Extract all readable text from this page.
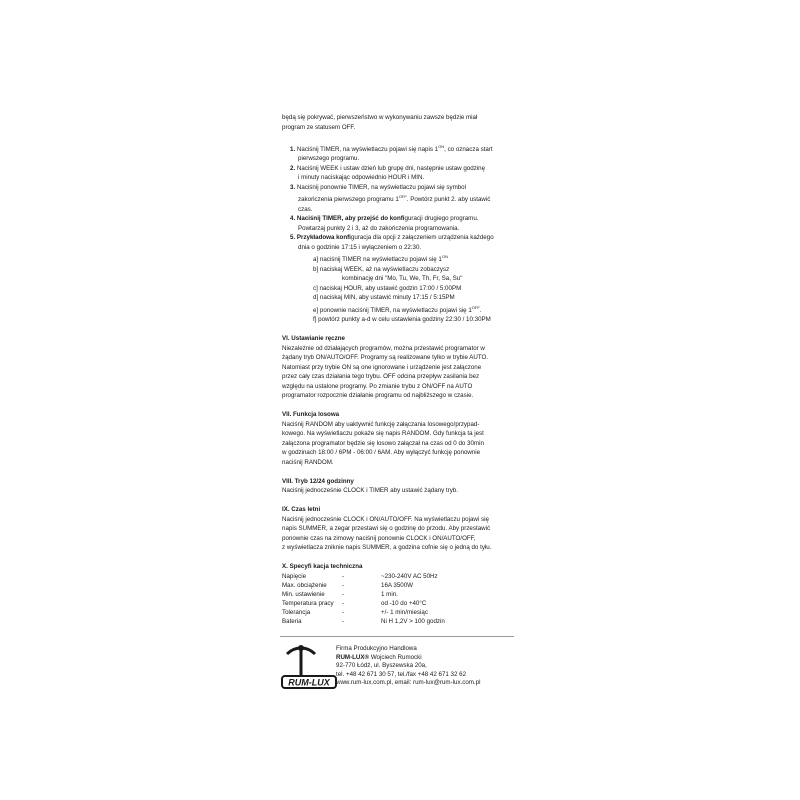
będą się pokrywać, pierwszeństwo w wykonywaniu zawsze będzie miał

program ze statusem OFF.

1. Naciśnij TIMER, na wyświetlaczu pojawi się napis $1^{ON}$, co oznacza start

pierwszego programu.

2. Naciśnij WEEK i ustaw dzień lub grupę dni, następnie ustaw godzinę

i minuty naciskając odpowiednio HOUR i MIN.

3. Naciśnij ponownie TIMER, na wyświetlaczu pojawi się symbol

zakończenia pierwszego programu $1^{OFF}$. Powtórz punkt 2. aby ustawić

czas.

4. Naciśnij TIMER, aby przejść do konfiguracji drugiego programu.

Powtarzaj punkty 2 i 3, aż do zakończenia programowania.

5. Przykładowa konfiguracja dla opcji z załączeniem urządzenia każdego

dnia o godzinie 17:15 i wyłączeniem o 22:30.

a] naciśnij TIMER na wyświetlaczu pojawi się $1^{ON}$

b] naciskaj WEEK, aż na wyświetlaczu zobaczysz

kombinację dni "Mo, Tu, We, Th, Fr, Sa, Su"

c] naciskaj HOUR, aby ustawić godzin 17:00 / 5:00PM

d] naciskaj MIN, aby ustawić minuty 17:15 / 5:15PM

e] ponownie naciśnij TIMER, na wyświetlaczu pojawi się $1^{OFF}$.

f] powtórz punkty a-d w celu ustawienia godziny 22:30 / 10:30PM

VI. Ustawianie ręczne

Niezależnie od działających programów, można przestawić programator w

żądany tryb ON/AUTO/OFF. Programy są realizowane tylko w trybie AUTO.

Natomiast przy trybie ON są one ignorowane i urządzenie jest załączone

przez cały czas działania tego trybu. OFF odcina przepływ zasilania bez

względu na ustalone programy. Po zmianie trybu z ON/OFF na AUTO

programator rozpocznie działanie programu od najbliższego w czasie.

VII. Funkcja losowa

Naciśnij RANDOM aby uaktywnić funkcję załączania losowego/przypad-

kowego. Na wyświetlaczu pokaże się napis RANDOM. Gdy funkcja ta jest

załączona programator będzie się losowo załączał na czas od 0 do 30min

w godzinach 18:00 / 6PM - 06:00 / 6AM. Aby wyłączyć funkcję ponownie

naciśnij RANDOM.

VIII. Tryb 12/24 godzinny

Naciśnij jednocześnie CLOCK i TIMER aby ustawić żądany tryb.

IX. Czas letni

Naciśnij jednocześnie CLOCK i ON/AUTO/OFF. Na wyświetlaczu pojawi się

napis SUMMER, a zegar przestawi się o godzinę do przodu. Aby przestawić

ponownie czas na zimowy naciśnij ponownie CLOCK i ON/AUTO/OFF,

z wyświetlacza zniknie napis SUMMER, a godzina cofnie się o jedną do tyłu.

X. Specyfi kacja techniczna

Napięcie	-	~230-240V AC 50Hz
Max. obciążenie	-	16A 3500W
Min. ustawienie	-	1 min.
Temperatura pracy	-	od -10 do +40°C
Tolerancja	-	+/- 1 min/miesiąc
Bateria	-	Ni H 1,2V > 100 godzin
RUM-LUX

Firma Produkcyjno Handlowa

RUM-LUX® Wojciech Rumocki

92-770 Łódź, ul. Byszewska 20a,

tel. +48 42 671 30 57, tel./fax +48 42 671 32 62

www.rum-lux.com.pl, email: rum-lux@rum-lux.com.pl
